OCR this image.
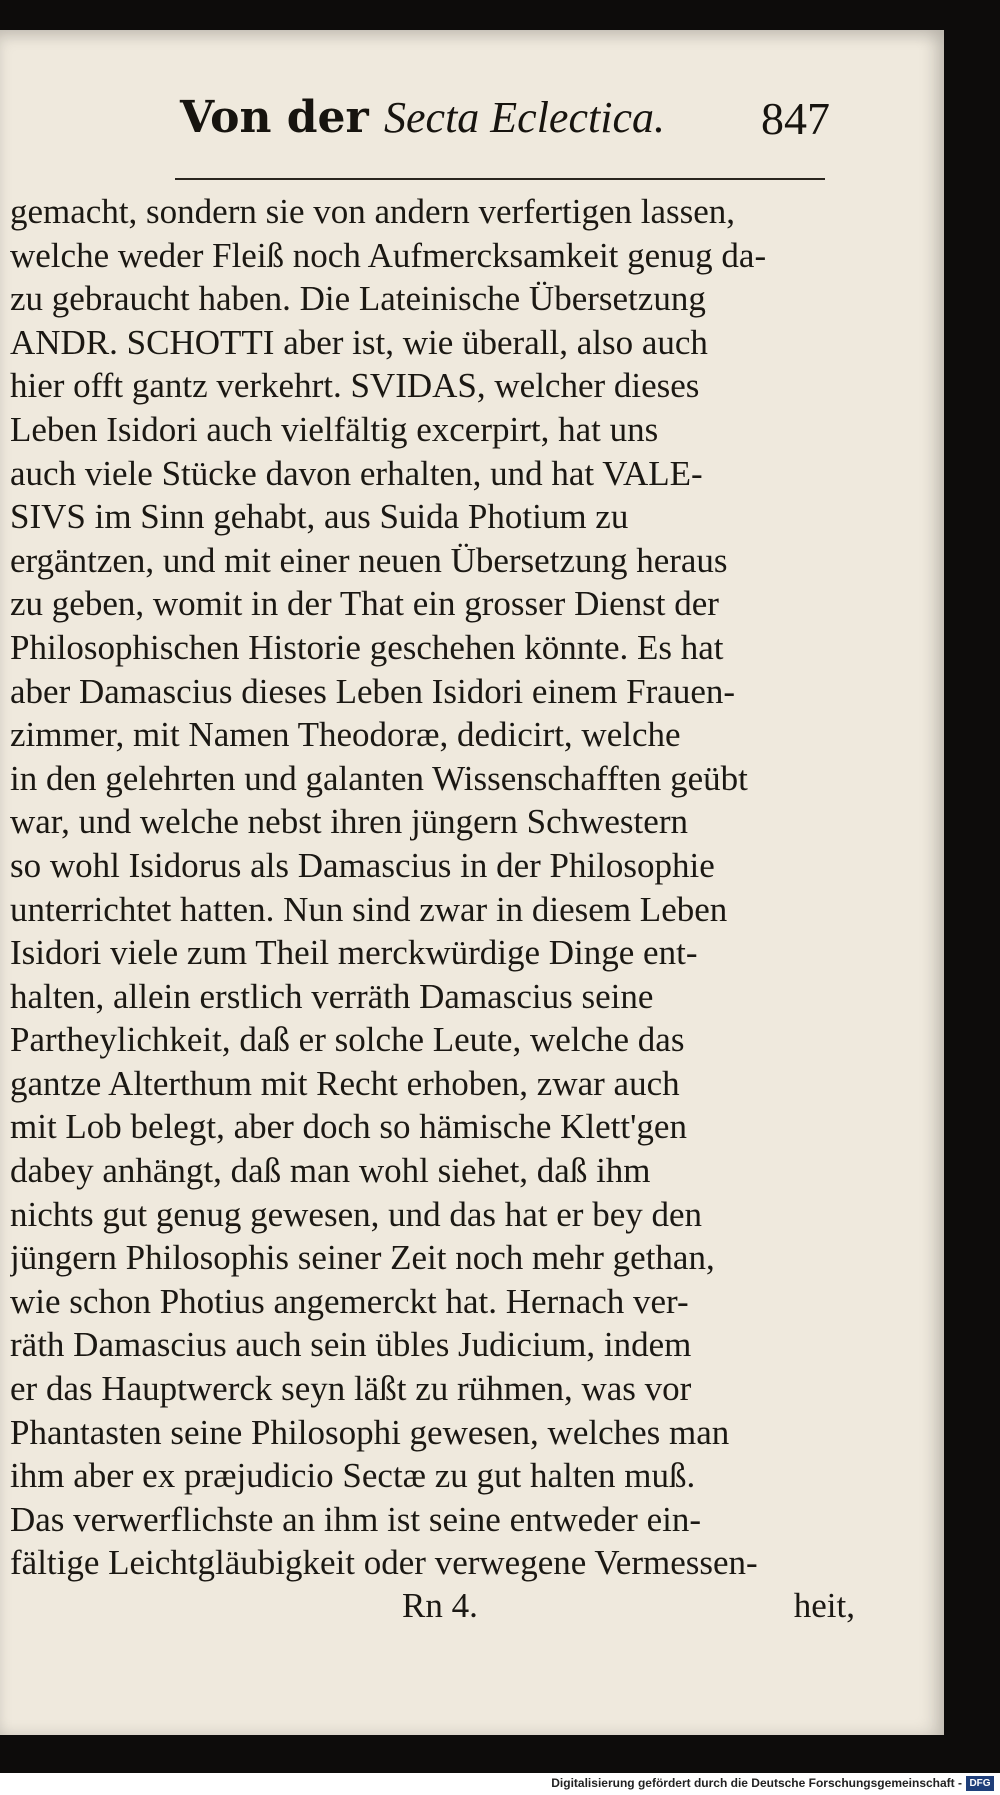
Von der Secta Eclectica. 847
gemacht, sondern sie von andern verfertigen lassen,
welche weder Fleiß noch Aufmercksamkeit genug da-
zu gebraucht haben. Die Lateinische Übersetzung
ANDR. SCHOTTI aber ist, wie überall, also auch
hier offt gantz verkehrt. SVIDAS, welcher dieses
Leben Isidori auch vielfältig excerpirt, hat uns
auch viele Stücke davon erhalten, und hat VALE-
SIVS im Sinn gehabt, aus Suida Photium zu
ergäntzen, und mit einer neuen Übersetzung heraus
zu geben, womit in der That ein grosser Dienst der
Philosophischen Historie geschehen könnte. Es hat
aber Damascius dieses Leben Isidori einem Frauen-
zimmer, mit Namen Theodoræ, dedicirt, welche
in den gelehrten und galanten Wissenschafften geübt
war, und welche nebst ihren jüngern Schwestern
so wohl Isidorus als Damascius in der Philosophie
unterrichtet hatten. Nun sind zwar in diesem Leben
Isidori viele zum Theil merckwürdige Dinge ent-
halten, allein erstlich verräth Damascius seine
Partheylichkeit, daß er solche Leute, welche das
gantze Alterthum mit Recht erhoben, zwar auch
mit Lob belegt, aber doch so hämische Klett'gen
dabey anhängt, daß man wohl siehet, daß ihm
nichts gut genug gewesen, und das hat er bey den
jüngern Philosophis seiner Zeit noch mehr gethan,
wie schon Photius angemerckt hat. Hernach ver-
räth Damascius auch sein übles Judicium, indem
er das Hauptwerck seyn läßt zu rühmen, was vor
Phantasten seine Philosophi gewesen, welches man
ihm aber ex præjudicio Sectæ zu gut halten muß.
Das verwerflichste an ihm ist seine entweder ein-
fältige Leichtgläubigkeit oder verwegene Vermessen-
Rn 4.	heit,
Digitalisierung gefördert durch die Deutsche Forschungsgemeinschaft - DFG
